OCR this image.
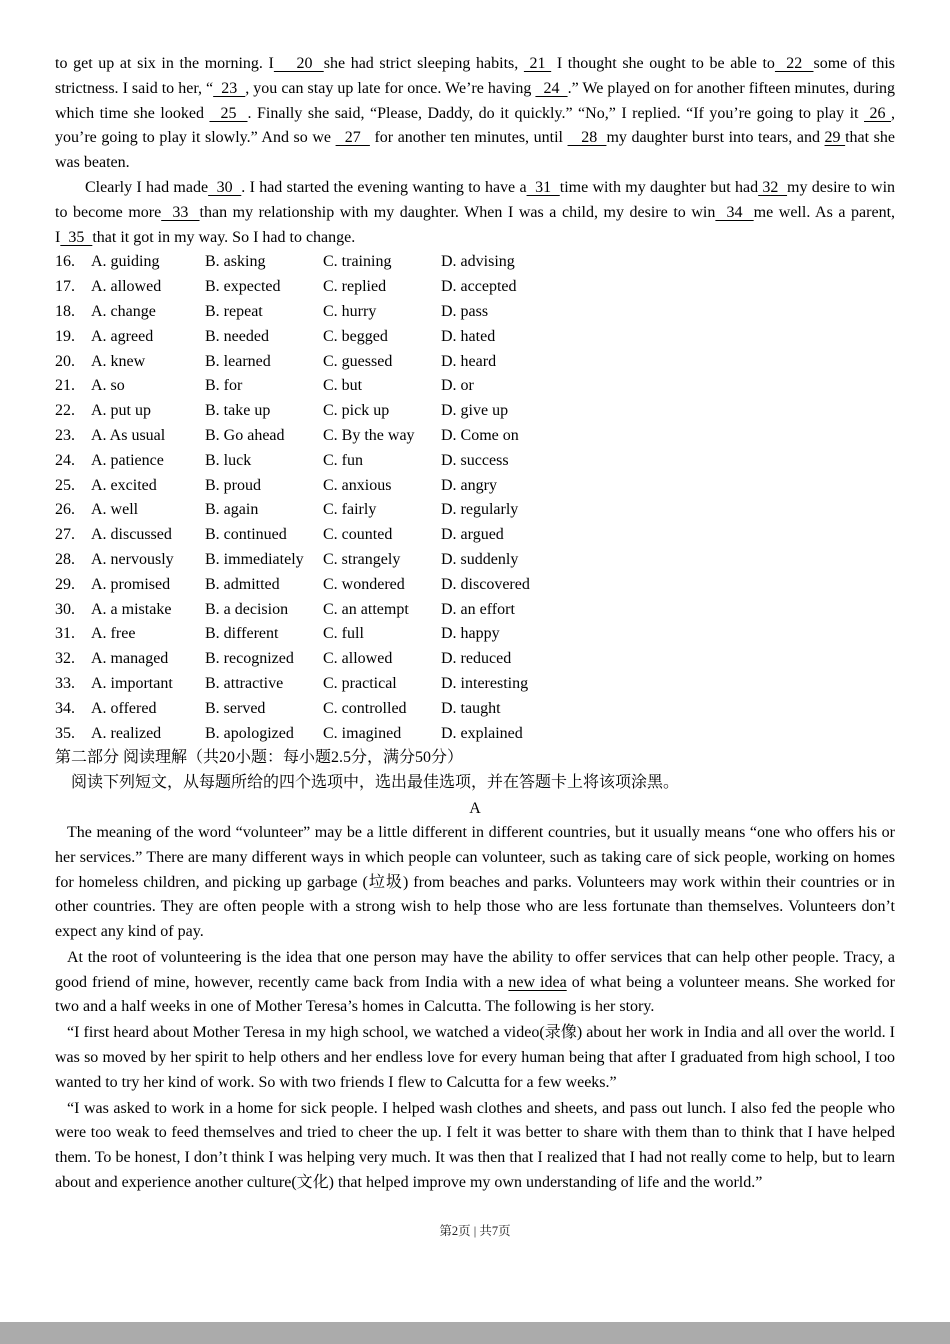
to get up at six in the morning. I    20  she had strict sleeping habits,  21  I thought she ought to be able to  22  some of this strictness. I said to her, “  23  , you can stay up late for once. We’re having   24  .” We played on for another fifteen minutes, during which time she looked   25  . Finally she said, “Please, Daddy, do it quickly.” “No,” I replied. “If you’re going to play it  26 , you’re going to play it slowly.” And so we   27   for another ten minutes, until    28  my daughter burst into tears, and 29 that she was beaten.

Clearly I had made  30  . I had started the evening wanting to have a  31  time with my daughter but had 32  my desire to win to become more  33  than my relationship with my daughter. When I was a child, my desire to win  34  me well. As a parent, I  35  that it got in my way. So I had to change.

16.	A. guiding	B. asking	C. training	D. advising
17.	A. allowed	B. expected	C. replied	D. accepted
18.	A. change	B. repeat	C. hurry	D. pass
19.	A. agreed	B. needed	C. begged	D. hated
20.	A. knew	B. learned	C. guessed	D. heard
21.	A. so	B. for	C. but	D. or
22.	A. put up	B. take up	C. pick up	D. give up
23.	A. As usual	B. Go ahead	C. By the way	D. Come on
24.	A. patience	B. luck	C. fun	D. success
25.	A. excited	B. proud	C. anxious	D. angry
26.	A. well	B. again	C. fairly	D. regularly
27.	A. discussed	B. continued	C. counted	D. argued
28.	A. nervously	B. immediately	C. strangely	D. suddenly
29.	A. promised	B. admitted	C. wondered	D. discovered
30.	A. a mistake	B. a decision	C. an attempt	D. an effort
31.	A. free	B. different	C. full	D. happy
32.	A. managed	B. recognized	C. allowed	D. reduced
33.	A. important	B. attractive	C. practical	D. interesting
34.	A. offered	B. served	C. controlled	D. taught
35.	A. realized	B. apologized	C. imagined	D. explained
第二部分 阅读理解（共20小题：每小题2.5分，满分50分）
阅读下列短文，从每题所给的四个选项中，选出最佳选项，并在答题卡上将该项涂黑。
A

The meaning of the word “volunteer” may be a little different in different countries, but it usually means “one who offers his or her services.” There are many different ways in which people can volunteer, such as taking care of sick people, working on homes for homeless children, and picking up garbage (垃圾) from beaches and parks. Volunteers may work within their countries or in other countries. They are often people with a strong wish to help those who are less fortunate than themselves. Volunteers don’t expect any kind of pay.

At the root of volunteering is the idea that one person may have the ability to offer services that can help other people. Tracy, a good friend of mine, however, recently came back from India with a new idea of what being a volunteer means. She worked for two and a half weeks in one of Mother Teresa’s homes in Calcutta. The following is her story.

“I first heard about Mother Teresa in my high school, we watched a video(录像) about her work in India and all over the world. I was so moved by her spirit to help others and her endless love for every human being that after I graduated from high school, I too wanted to try her kind of work. So with two friends I flew to Calcutta for a few weeks.”

“I was asked to work in a home for sick people. I helped wash clothes and sheets, and pass out lunch. I also fed the people who were too weak to feed themselves and tried to cheer the up. I felt it was better to share with them than to think that I have helped them. To be honest, I don’t think I was helping very much. It was then that I realized that I had not really come to help, but to learn about and experience another culture(文化) that helped improve my own understanding of life and the world.”

第2页 | 共7页
